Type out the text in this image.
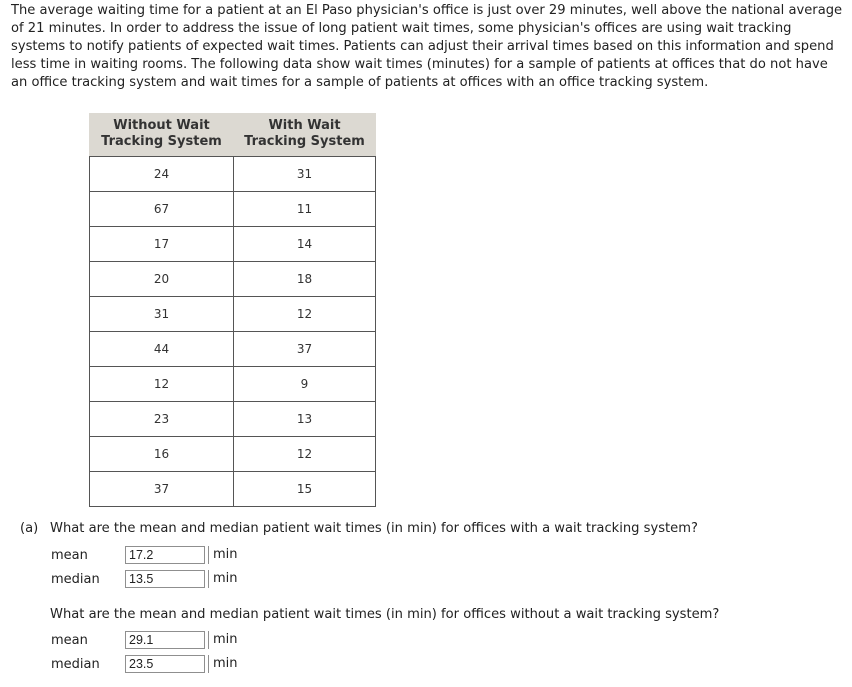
The average waiting time for a patient at an El Paso physician's office is just over 29 minutes, well above the national average of 21 minutes. In order to address the issue of long patient wait times, some physician's offices are using wait tracking systems to notify patients of expected wait times. Patients can adjust their arrival times based on this information and spend less time in waiting rooms. The following data show wait times (minutes) for a sample of patients at offices that do not have an office tracking system and wait times for a sample of patients at offices with an office tracking system.

Without Wait
Tracking System	With Wait
Tracking System
24	31
67	11
17	14
20	18
31	12
44	37
12	9
23	13
16	12
37	15
(a) What are the mean and median patient wait times (in min) for offices with a wait tracking system?

mean	17.2	min
median	13.5	min

What are the mean and median patient wait times (in min) for offices without a wait tracking system?

mean	29.1	min
median	23.5	min
